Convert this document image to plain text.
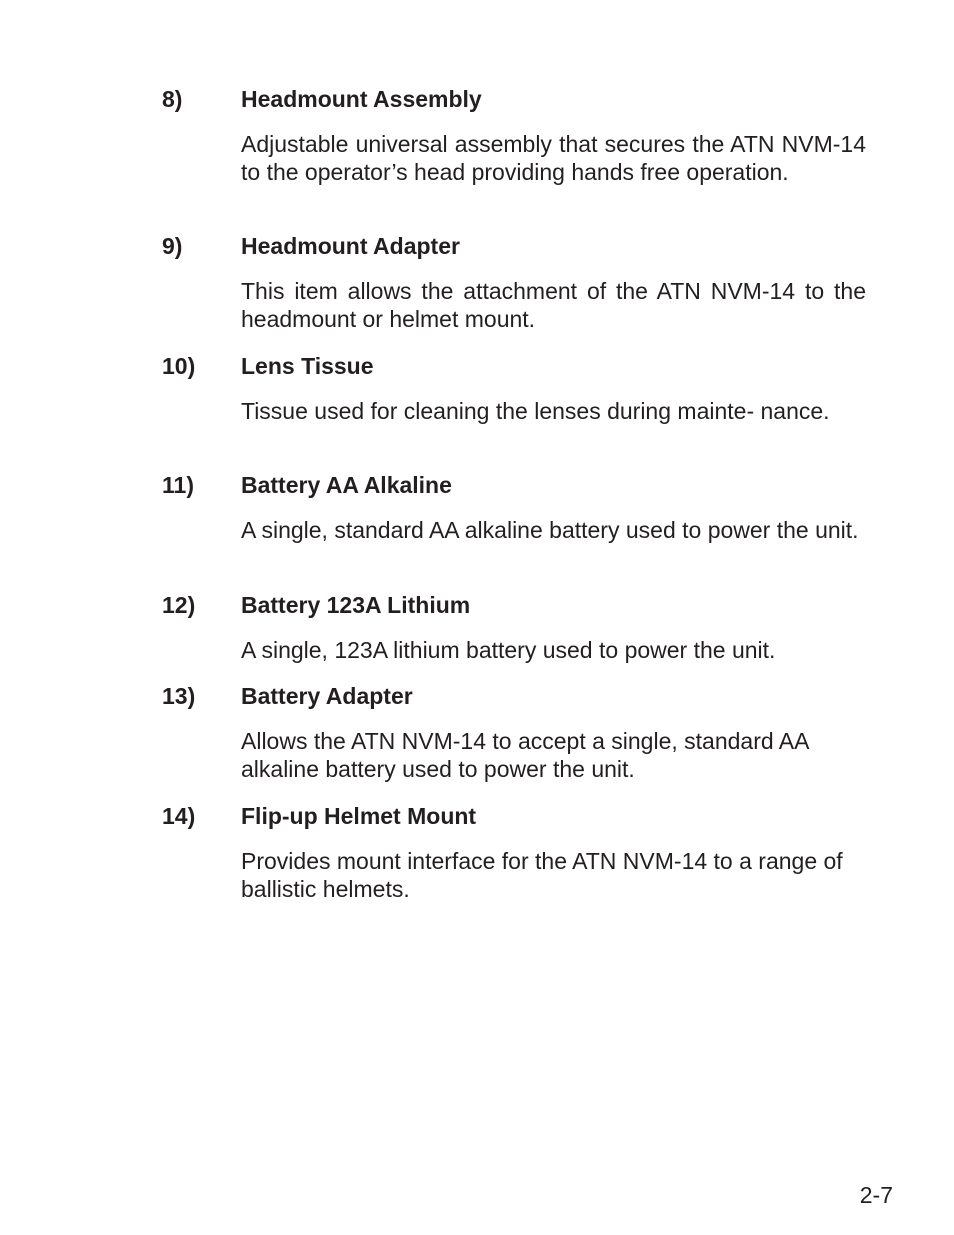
8)	Headmount Assembly
Adjustable universal assembly that secures the ATN NVM-14 to the operator’s head providing hands free operation.
9)	Headmount Adapter
This item allows the attachment of the ATN NVM-14 to the headmount or helmet mount.
10) Lens Tissue
Tissue used for cleaning the lenses during mainte- nance.
11) Battery AA Alkaline
A single, standard AA alkaline battery used to power the unit.
12) Battery 123A Lithium
A single, 123A lithium battery used to power the unit.
13) Battery Adapter
Allows the ATN NVM-14 to accept a single, standard AA alkaline battery used to power the unit.
14) Flip-up Helmet Mount
Provides mount interface for the ATN NVM-14 to a range of ballistic helmets.
2-7
